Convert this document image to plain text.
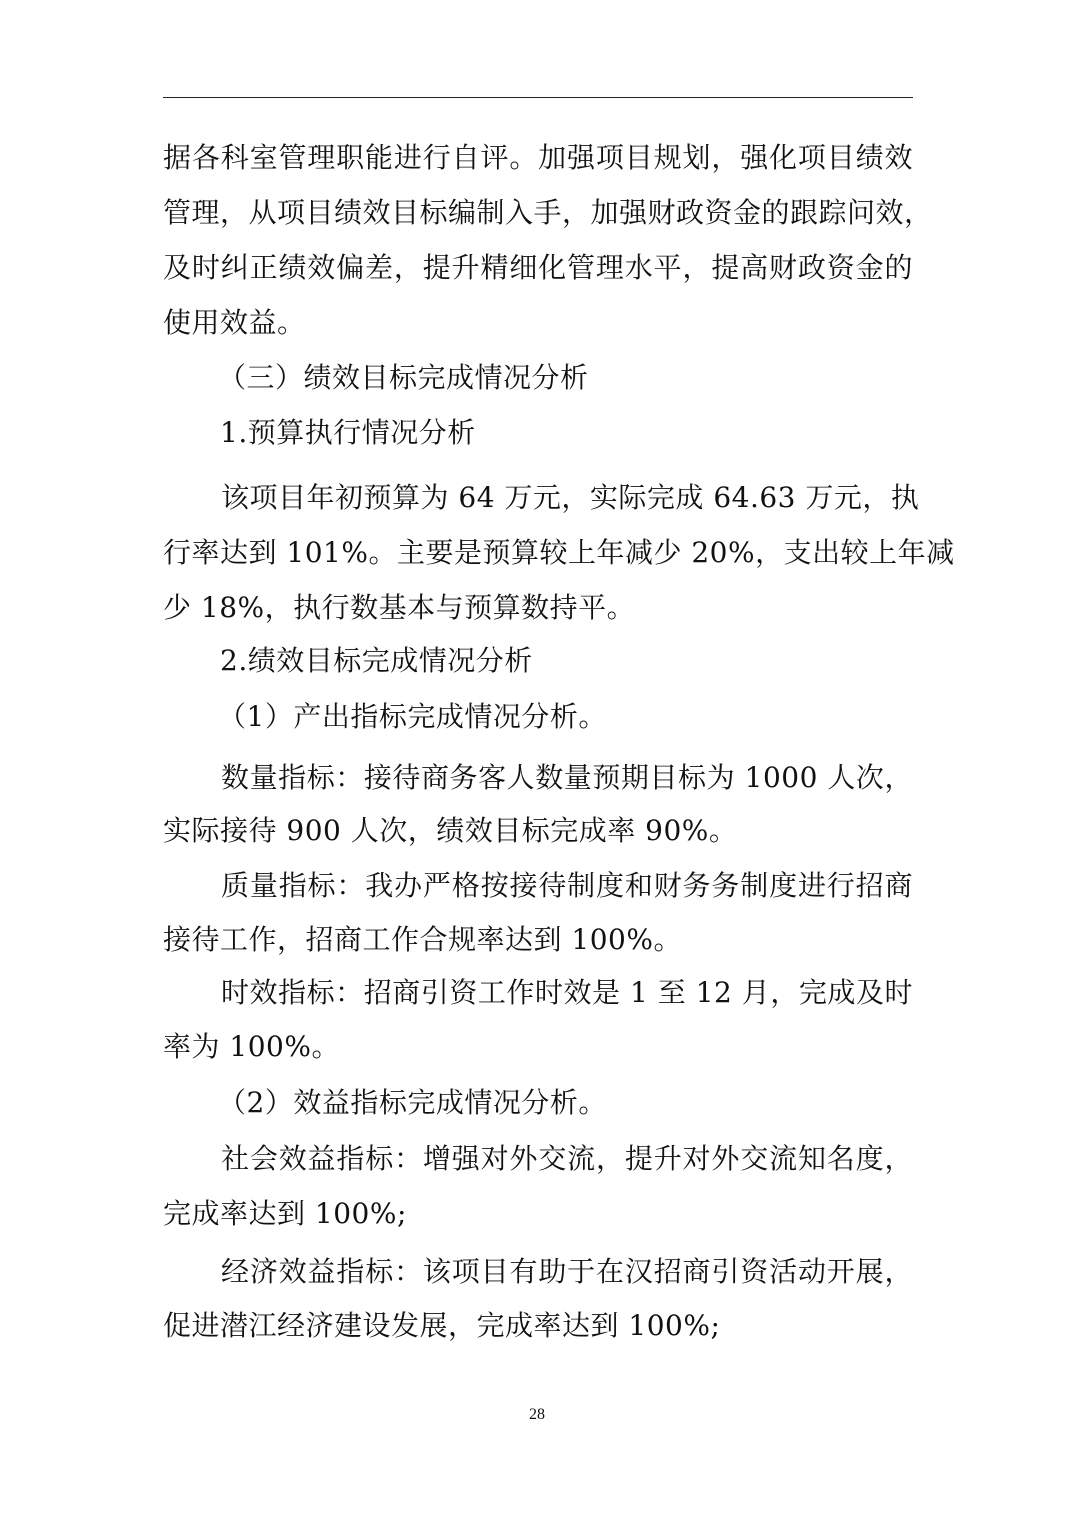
据各科室管理职能进行自评。加强项目规划，强化项目绩效
管理，从项目绩效目标编制入手，加强财政资金的跟踪问效，
及时纠正绩效偏差，提升精细化管理水平，提高财政资金的
使用效益。
（三）绩效目标完成情况分析
1.预算执行情况分析
该项目年初预算为 64 万元，实际完成 64.63 万元，执
行率达到 101%。主要是预算较上年减少 20%，支出较上年减
少 18%，执行数基本与预算数持平。
2.绩效目标完成情况分析
（1）产出指标完成情况分析。
数量指标：接待商务客人数量预期目标为 1000 人次，
实际接待 900 人次，绩效目标完成率 90%。
质量指标：我办严格按接待制度和财务务制度进行招商
接待工作，招商工作合规率达到 100%。
时效指标：招商引资工作时效是 1 至 12 月，完成及时
率为 100%。
（2）效益指标完成情况分析。
社会效益指标：增强对外交流，提升对外交流知名度，
完成率达到 100%;
经济效益指标：该项目有助于在汉招商引资活动开展，
促进潜江经济建设发展，完成率达到 100%;
28
